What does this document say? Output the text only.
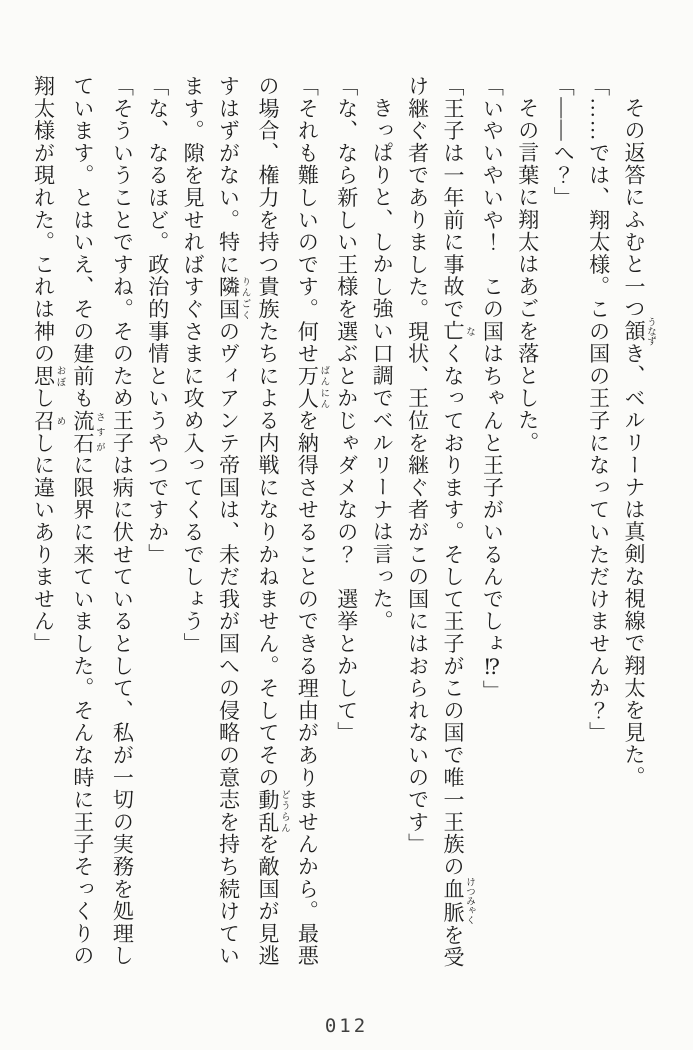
その返答にふむと一つ頷 うなずき、ベルリーナは真剣な視線で翔太を見た。

「……では、翔太様。この国の王子になっていただけませんか？」

「――へ？」

その言葉に翔太はあごを落とした。

「いやいやいや！　この国はちゃんと王子がいるんでしょ⁉」

「王子は一年前に事故で亡 なくなっております。そして王子がこの国で唯一王族の血脈 けつみゃくを受

け継ぐ者でありました。現状、王位を継ぐ者がこの国にはおられないのです」

きっぱりと、しかし強い口調でベルリーナは言った。

「な、なら新しい王様を選ぶとかじゃダメなの？　選挙とかして」

「それも難しいのです。何せ万人 ばんにんを納得させることのできる理由がありませんから。最悪

の場合、権力を持つ貴族たちによる内戦になりかねません。そしてその動乱 どうらんを敵国が見逃

すはずがない。特に隣国 りんごくのヴィアンテ帝国は、未だ我が国への侵略の意志を持ち続けてい

ます。隙を見せればすぐさまに攻め入ってくるでしょう」

「な、なるほど。政治的事情というやつですか」

「そういうことですね。そのため王子は病に伏せているとして、私が一切の実務を処理し

ています。とはいえ、その建前も流石 さすがに限界に来ていました。そんな時に王子そっくりの

翔太様が現れた。これは神の思 おぼし召 めしに違いありません」

012
